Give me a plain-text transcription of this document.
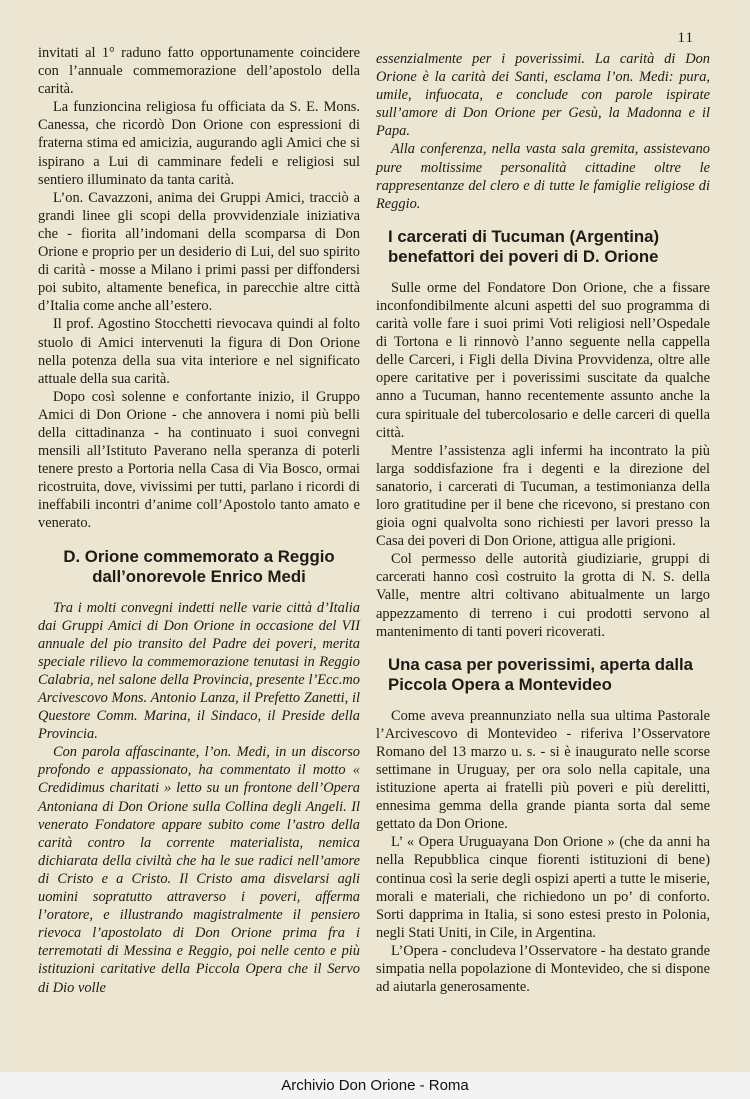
11

invitati al 1° raduno fatto opportunamente coincidere con l’annuale commemorazione dell’apostolo della carità.

La funzioncina religiosa fu officiata da S. E. Mons. Canessa, che ricordò Don Orione con espressioni di fraterna stima ed amicizia, augurando agli Amici che si ispirano a Lui di camminare fedeli e religiosi sul sentiero illuminato da tanta carità.

L’on. Cavazzoni, anima dei Gruppi Amici, tracciò a grandi linee gli scopi della provvidenziale iniziativa che - fiorita all’indomani della scomparsa di Don Orione e proprio per un desiderio di Lui, del suo spirito di carità - mosse a Milano i primi passi per diffondersi poi subito, altamente benefica, in parecchie altre città d’Italia come anche all’estero.

Il prof. Agostino Stocchetti rievocava quindi al folto stuolo di Amici intervenuti la figura di Don Orione nella potenza della sua vita interiore e nel significato attuale della sua carità.

Dopo così solenne e confortante inizio, il Gruppo Amici di Don Orione - che annovera i nomi più belli della cittadinanza - ha continuato i suoi convegni mensili all’Istituto Paverano nella speranza di poterli tenere presto a Portoria nella Casa di Via Bosco, ormai ricostruita, dove, vivissimi per tutti, parlano i ricordi di ineffabili incontri d’anime coll’Apostolo tanto amato e venerato.

D. Orione commemorato a Reggio dall’onorevole Enrico Medi

Tra i molti convegni indetti nelle varie città d’Italia dai Gruppi Amici di Don Orione in occasione del VII annuale del pio transito del Padre dei poveri, merita speciale rilievo la commemorazione tenutasi in Reggio Calabria, nel salone della Provincia, presente l’Ecc.mo Arcivescovo Mons. Antonio Lanza, il Prefetto Zanetti, il Questore Comm. Marina, il Sindaco, il Preside della Provincia.

Con parola affascinante, l’on. Medi, in un discorso profondo e appassionato, ha commentato il motto « Credidimus charitati » letto su un frontone dell’Opera Antoniana di Don Orione sulla Collina degli Angeli. Il venerato Fondatore appare subito come l’astro della carità contro la corrente materialista, nemica dichiarata della civiltà che ha le sue radici nell’amore di Cristo e a Cristo. Il Cristo ama disvelarsi agli uomini sopratutto attraverso i poveri, afferma l’oratore, e illustrando magistralmente il pensiero rievoca l’apostolato di Don Orione prima fra i terremotati di Messina e Reggio, poi nelle cento e più istituzioni caritative della Piccola Opera che il Servo di Dio volle

essenzialmente per i poverissimi. La carità di Don Orione è la carità dei Santi, esclama l’on. Medi: pura, umile, infuocata, e conclude con parole ispirate sull’amore di Don Orione per Gesù, la Madonna e il Papa.

Alla conferenza, nella vasta sala gremita, assistevano pure moltissime personalità cittadine oltre le rappresentanze del clero e di tutte le famiglie religiose di Reggio.

I carcerati di Tucuman (Argentina) benefattori dei poveri di D. Orione

Sulle orme del Fondatore Don Orione, che a fissare inconfondibilmente alcuni aspetti del suo programma di carità volle fare i suoi primi Voti religiosi nell’Ospedale di Tortona e li rinnovò l’anno seguente nella cappella delle Carceri, i Figli della Divina Provvidenza, oltre alle opere caritative per i poverissimi suscitate da qualche anno a Tucuman, hanno recentemente assunto anche la cura spirituale del tubercolosario e delle carceri di quella città.

Mentre l’assistenza agli infermi ha incontrato la più larga soddisfazione fra i degenti e la direzione del sanatorio, i carcerati di Tucuman, a testimonianza della loro gratitudine per il bene che ricevono, si prestano con gioia ogni qualvolta sono richiesti per lavori presso la Casa dei poveri di Don Orione, attigua alle prigioni.

Col permesso delle autorità giudiziarie, gruppi di carcerati hanno così costruito la grotta di N. S. della Valle, mentre altri coltivano abitualmente un largo appezzamento di terreno i cui prodotti servono al mantenimento di tanti poveri ricoverati.

Una casa per poverissimi, aperta dalla Piccola Opera a Montevideo

Come aveva preannunziato nella sua ultima Pastorale l’Arcivescovo di Montevideo - riferiva l’Osservatore Romano del 13 marzo u. s. - si è inaugurato nelle scorse settimane in Uruguay, per ora solo nella capitale, una istituzione aperta ai fratelli più poveri e più derelitti, ennesima gemma della grande pianta sorta dal seme gettato da Don Orione.

L’ « Opera Uruguayana Don Orione » (che da anni ha nella Repubblica cinque fiorenti istituzioni di bene) continua così la serie degli ospizi aperti a tutte le miserie, morali e materiali, che richiedono un po’ di conforto. Sorti dapprima in Italia, si sono estesi presto in Polonia, negli Stati Uniti, in Cile, in Argentina.

L’Opera - concludeva l’Osservatore - ha destato grande simpatia nella popolazione di Montevideo, che si dispone ad aiutarla generosamente.

Archivio Don Orione - Roma
